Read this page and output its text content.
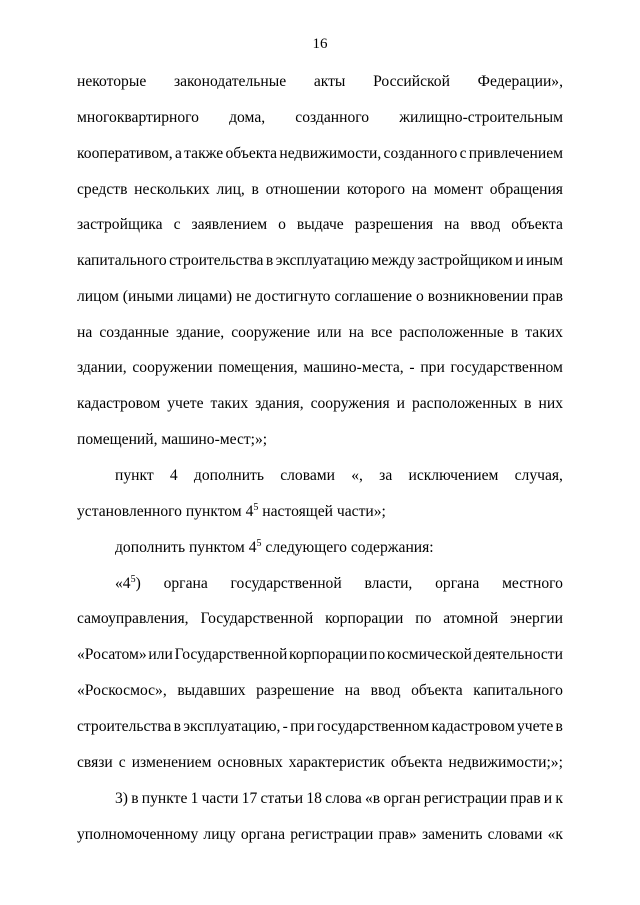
16
некоторые законодательные акты Российской Федерации»,
многоквартирного дома, созданного жилищно-строительным
кооперативом, а также объекта недвижимости, созданного с привлечением
средств нескольких лиц, в отношении которого на момент обращения
застройщика с заявлением о выдаче разрешения на ввод объекта
капитального строительства в эксплуатацию между застройщиком и иным
лицом (иными лицами) не достигнуто соглашение о возникновении прав
на созданные здание, сооружение или на все расположенные в таких
здании, сооружении помещения, машино-места, - при государственном
кадастровом учете таких здания, сооружения и расположенных в них
помещений, машино-мест;»;
пункт 4 дополнить словами «, за исключением случая,
установленного пунктом $4^5$ настоящей части»;
дополнить пунктом $4^5$ следующего содержания:
«$4^5$) органа государственной власти, органа местного
самоуправления, Государственной корпорации по атомной энергии
«Росатом» или Государственной корпорации по космической деятельности
«Роскосмос», выдавших разрешение на ввод объекта капитального
строительства в эксплуатацию, - при государственном кадастровом учете в
связи с изменением основных характеристик объекта недвижимости;»;
3) в пункте 1 части 17 статьи 18 слова «в орган регистрации прав и к
уполномоченному лицу органа регистрации прав» заменить словами «к
